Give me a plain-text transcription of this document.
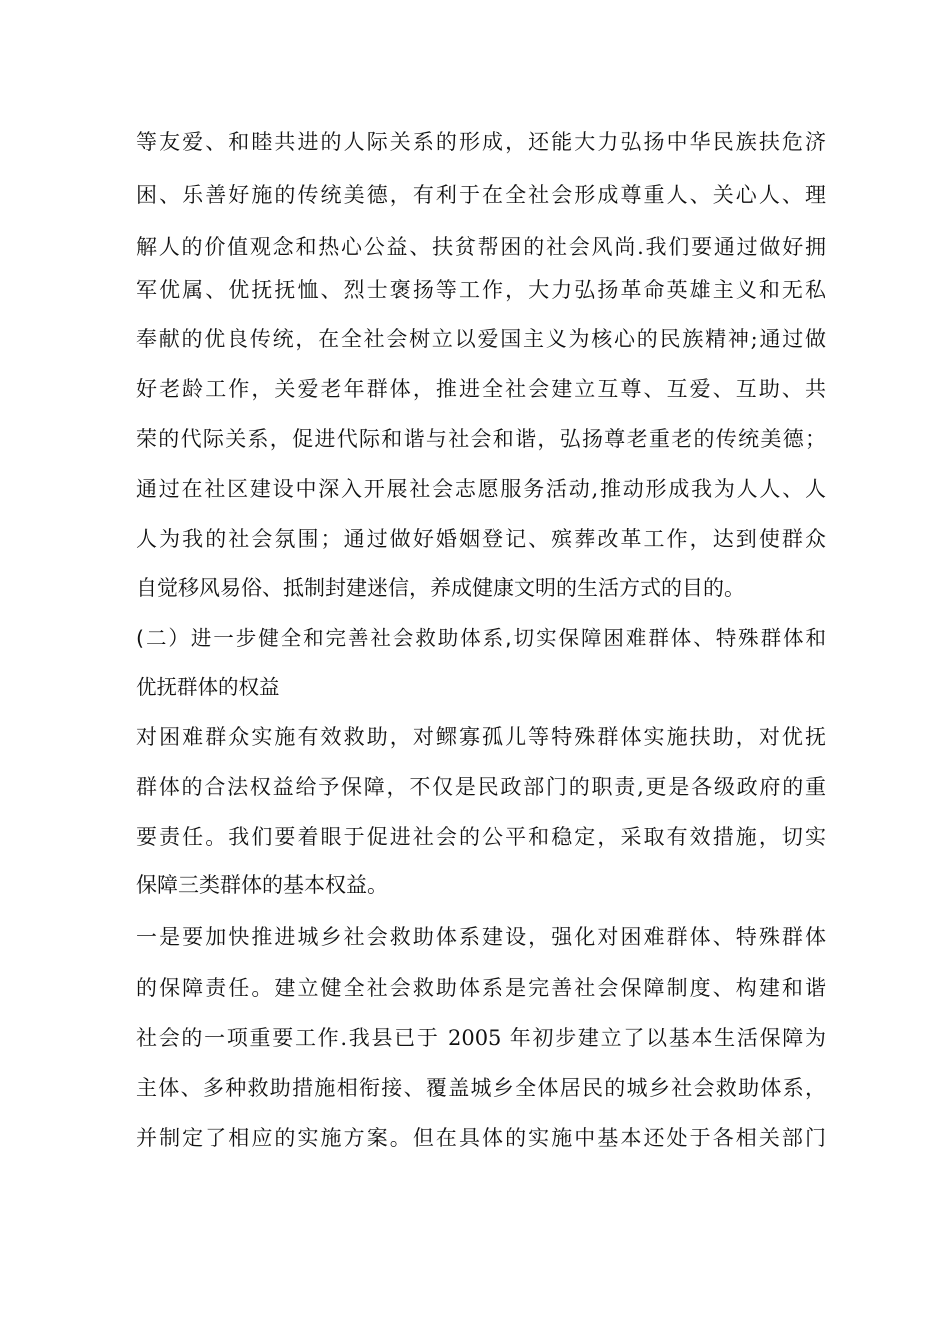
等友爱、和睦共进的人际关系的形成，还能大力弘扬中华民族扶危济
困、乐善好施的传统美德，有利于在全社会形成尊重人、关心人、理
解人的价值观念和热心公益、扶贫帮困的社会风尚.我们要通过做好拥
军优属、优抚抚恤、烈士褒扬等工作，大力弘扬革命英雄主义和无私
奉献的优良传统，在全社会树立以爱国主义为核心的民族精神;通过做
好老龄工作，关爱老年群体，推进全社会建立互尊、互爱、互助、共
荣的代际关系，促进代际和谐与社会和谐，弘扬尊老重老的传统美德；
通过在社区建设中深入开展社会志愿服务活动,推动形成我为人人、人
人为我的社会氛围；通过做好婚姻登记、殡葬改革工作，达到使群众
自觉移风易俗、抵制封建迷信，养成健康文明的生活方式的目的。
(二）进一步健全和完善社会救助体系,切实保障困难群体、特殊群体和
优抚群体的权益
对困难群众实施有效救助，对鳏寡孤儿等特殊群体实施扶助，对优抚
群体的合法权益给予保障，不仅是民政部门的职责,更是各级政府的重
要责任。我们要着眼于促进社会的公平和稳定，采取有效措施，切实
保障三类群体的基本权益。
一是要加快推进城乡社会救助体系建设，强化对困难群体、特殊群体
的保障责任。建立健全社会救助体系是完善社会保障制度、构建和谐
社会的一项重要工作.我县已于 2005 年初步建立了以基本生活保障为
主体、多种救助措施相衔接、覆盖城乡全体居民的城乡社会救助体系，
并制定了相应的实施方案。但在具体的实施中基本还处于各相关部门
